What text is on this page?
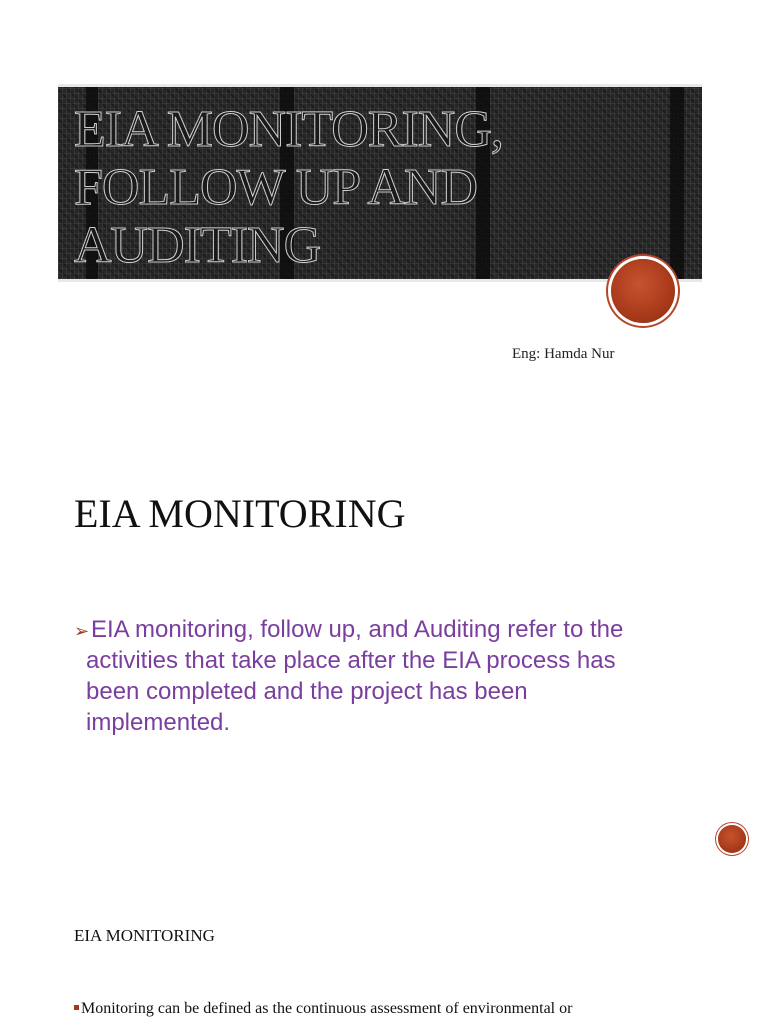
EIA MONITORING,
FOLLOW UP AND
AUDITING
Eng: Hamda Nur
EIA MONITORING
➢ EIA monitoring, follow up, and Auditing refer to the activities that take place after the EIA process has been completed and the project has been implemented.
EIA MONITORING
Monitoring can be defined as the continuous assessment of environmental or
